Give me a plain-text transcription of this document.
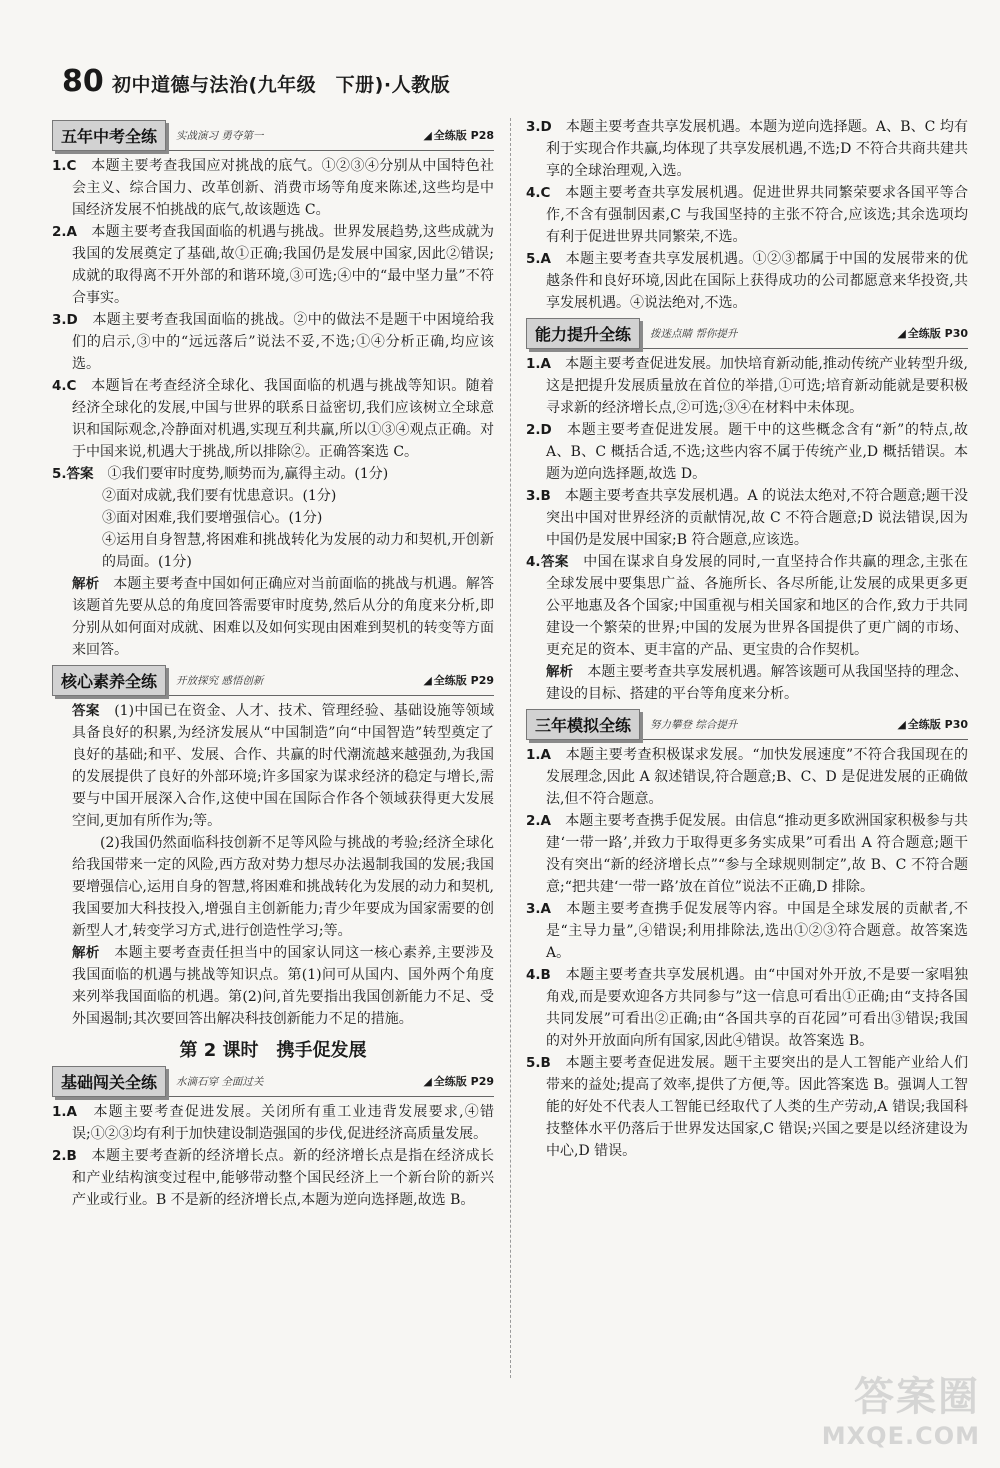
80 初中道德与法治(九年级　下册)·人教版
五年中考全练	实战演习 勇夺第一	◢ 全练版 P28

1.C　 本题主要考查我国应对挑战的底气。①②③④分别从中国特色社会主义、综合国力、改革创新、消费市场等角度来陈述,这些均是中国经济发展不怕挑战的底气,故该题选 C。

2.A　 本题主要考查我国面临的机遇与挑战。世界发展趋势,这些成就为我国的发展奠定了基础,故①正确;我国仍是发展中国家,因此②错误;成就的取得离不开外部的和谐环境,③可选;④中的“最中坚力量”不符合事实。

3.D　 本题主要考查我国面临的挑战。②中的做法不是题干中困境给我们的启示,③中的“远远落后”说法不妥,不选;①④分析正确,均应该选。

4.C　 本题旨在考查经济全球化、我国面临的机遇与挑战等知识。随着经济全球化的发展,中国与世界的联系日益密切,我们应该树立全球意识和国际观念,冷静面对机遇,实现互利共赢,所以①③④观点正确。对于中国来说,机遇大于挑战,所以排除②。正确答案选 C。

5.答案　 ①我们要审时度势,顺势而为,赢得主动。(1分)

②面对成就,我们要有忧患意识。(1分)

③面对困难,我们要增强信心。(1分)

④运用自身智慧,将困难和挑战转化为发展的动力和契机,开创新的局面。(1分)

解析　 本题主要考查中国如何正确应对当前面临的挑战与机遇。解答该题首先要从总的角度回答需要审时度势,然后从分的角度来分析,即分别从如何面对成就、困难以及如何实现由困难到契机的转变等方面来回答。

核心素养全练	开放探究 感悟创新	◢ 全练版 P29

答案　 (1)中国已在资金、人才、技术、管理经验、基础设施等领域具备良好的积累,为经济发展从“中国制造”向“中国智造”转型奠定了良好的基础;和平、发展、合作、共赢的时代潮流越来越强劲,为我国的发展提供了良好的外部环境;许多国家为谋求经济的稳定与增长,需要与中国开展深入合作,这使中国在国际合作各个领域获得更大发展空间,更加有所作为;等。

(2)我国仍然面临科技创新不足等风险与挑战的考验;经济全球化给我国带来一定的风险,西方敌对势力想尽办法遏制我国的发展;我国要增强信心,运用自身的智慧,将困难和挑战转化为发展的动力和契机,我国要加大科技投入,增强自主创新能力;青少年要成为国家需要的创新型人才,转变学习方式,进行创造性学习;等。

解析　 本题主要考查责任担当中的国家认同这一核心素养,主要涉及我国面临的机遇与挑战等知识点。第(1)问可从国内、国外两个角度来列举我国面临的机遇。第(2)问,首先要指出我国创新能力不足、受外国遏制;其次要回答出解决科技创新能力不足的措施。

第 2 课时　携手促发展
基础闯关全练	水滴石穿 全面过关	◢ 全练版 P29

1.A　 本题主要考查促进发展。关闭所有重工业违背发展要求,④错误;①②③均有利于加快建设制造强国的步伐,促进经济高质量发展。

2.B　 本题主要考查新的经济增长点。新的经济增长点是指在经济成长和产业结构演变过程中,能够带动整个国民经济上一个新台阶的新兴产业或行业。B 不是新的经济增长点,本题为逆向选择题,故选 B。

3.D　 本题主要考查共享发展机遇。本题为逆向选择题。A、B、C 均有利于实现合作共赢,均体现了共享发展机遇,不选;D 不符合共商共建共享的全球治理观,入选。

4.C　 本题主要考查共享发展机遇。促进世界共同繁荣要求各国平等合作,不含有强制因素,C 与我国坚持的主张不符合,应该选;其余选项均有利于促进世界共同繁荣,不选。

5.A　 本题主要考查共享发展机遇。①②③都属于中国的发展带来的优越条件和良好环境,因此在国际上获得成功的公司都愿意来华投资,共享发展机遇。④说法绝对,不选。

能力提升全练	拨迷点睛 帮你提升	◢ 全练版 P30

1.A　 本题主要考查促进发展。加快培育新动能,推动传统产业转型升级,这是把提升发展质量放在首位的举措,①可选;培育新动能就是要积极寻求新的经济增长点,②可选;③④在材料中未体现。

2.D　 本题主要考查促进发展。题干中的这些概念含有“新”的特点,故 A、B、C 概括合适,不选;这些内容不属于传统产业,D 概括错误。本题为逆向选择题,故选 D。

3.B　 本题主要考查共享发展机遇。A 的说法太绝对,不符合题意;题干没突出中国对世界经济的贡献情况,故 C 不符合题意;D 说法错误,因为中国仍是发展中国家;B 符合题意,应该选。

4.答案　 中国在谋求自身发展的同时,一直坚持合作共赢的理念,主张在全球发展中要集思广益、各施所长、各尽所能,让发展的成果更多更公平地惠及各个国家;中国重视与相关国家和地区的合作,致力于共同建设一个繁荣的世界;中国的发展为世界各国提供了更广阔的市场、更充足的资本、更丰富的产品、更宝贵的合作契机。

解析　 本题主要考查共享发展机遇。解答该题可从我国坚持的理念、建设的目标、搭建的平台等角度来分析。

三年模拟全练	努力攀登 综合提升	◢ 全练版 P30

1.A　 本题主要考查积极谋求发展。“加快发展速度”不符合我国现在的发展理念,因此 A 叙述错误,符合题意;B、C、D 是促进发展的正确做法,但不符合题意。

2.A　 本题主要考查携手促发展。由信息“推动更多欧洲国家积极参与共建‘一带一路’,并致力于取得更多务实成果”可看出 A 符合题意;题干没有突出“新的经济增长点”“参与全球规则制定”,故 B、C 不符合题意;“把共建‘一带一路’放在首位”说法不正确,D 排除。

3.A　 本题主要考查携手促发展等内容。中国是全球发展的贡献者,不是“主导力量”,④错误;利用排除法,选出①②③符合题意。故答案选 A。

4.B　 本题主要考查共享发展机遇。由“中国对外开放,不是要一家唱独角戏,而是要欢迎各方共同参与”这一信息可看出①正确;由“支持各国共同发展”可看出②正确;由“各国共享的百花园”可看出③错误;我国的对外开放面向所有国家,因此④错误。故答案选 B。

5.B　 本题主要考查促进发展。题干主要突出的是人工智能产业给人们带来的益处;提高了效率,提供了方便,等。因此答案选 B。强调人工智能的好处不代表人工智能已经取代了人类的生产劳动,A 错误;我国科技整体水平仍落后于世界发达国家,C 错误;兴国之要是以经济建设为中心,D 错误。

答案圈
MXQE.COM
